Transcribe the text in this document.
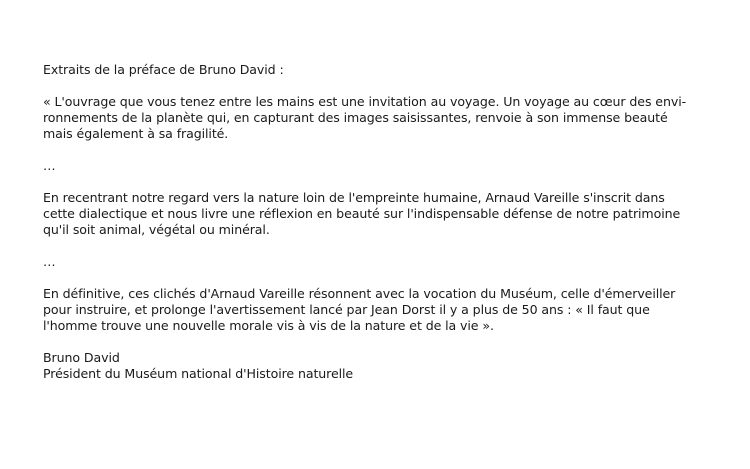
Extraits de la préface de Bruno David :

« L'ouvrage que vous tenez entre les mains est une invitation au voyage. Un voyage au cœur des envi-

ronnements de la planète qui, en capturant des images saisissantes, renvoie à son immense beauté

mais également à sa fragilité.

…

En recentrant notre regard vers la nature loin de l'empreinte humaine, Arnaud Vareille s'inscrit dans

cette dialectique et nous livre une réflexion en beauté sur l'indispensable défense de notre patrimoine

qu'il soit animal, végétal ou minéral.

…

En définitive, ces clichés d'Arnaud Vareille résonnent avec la vocation du Muséum, celle d'émerveiller

pour instruire, et prolonge l'avertissement lancé par Jean Dorst il y a plus de 50 ans : « Il faut que

l'homme trouve une nouvelle morale vis à vis de la nature et de la vie ».

Bruno David

Président du Muséum national d'Histoire naturelle
